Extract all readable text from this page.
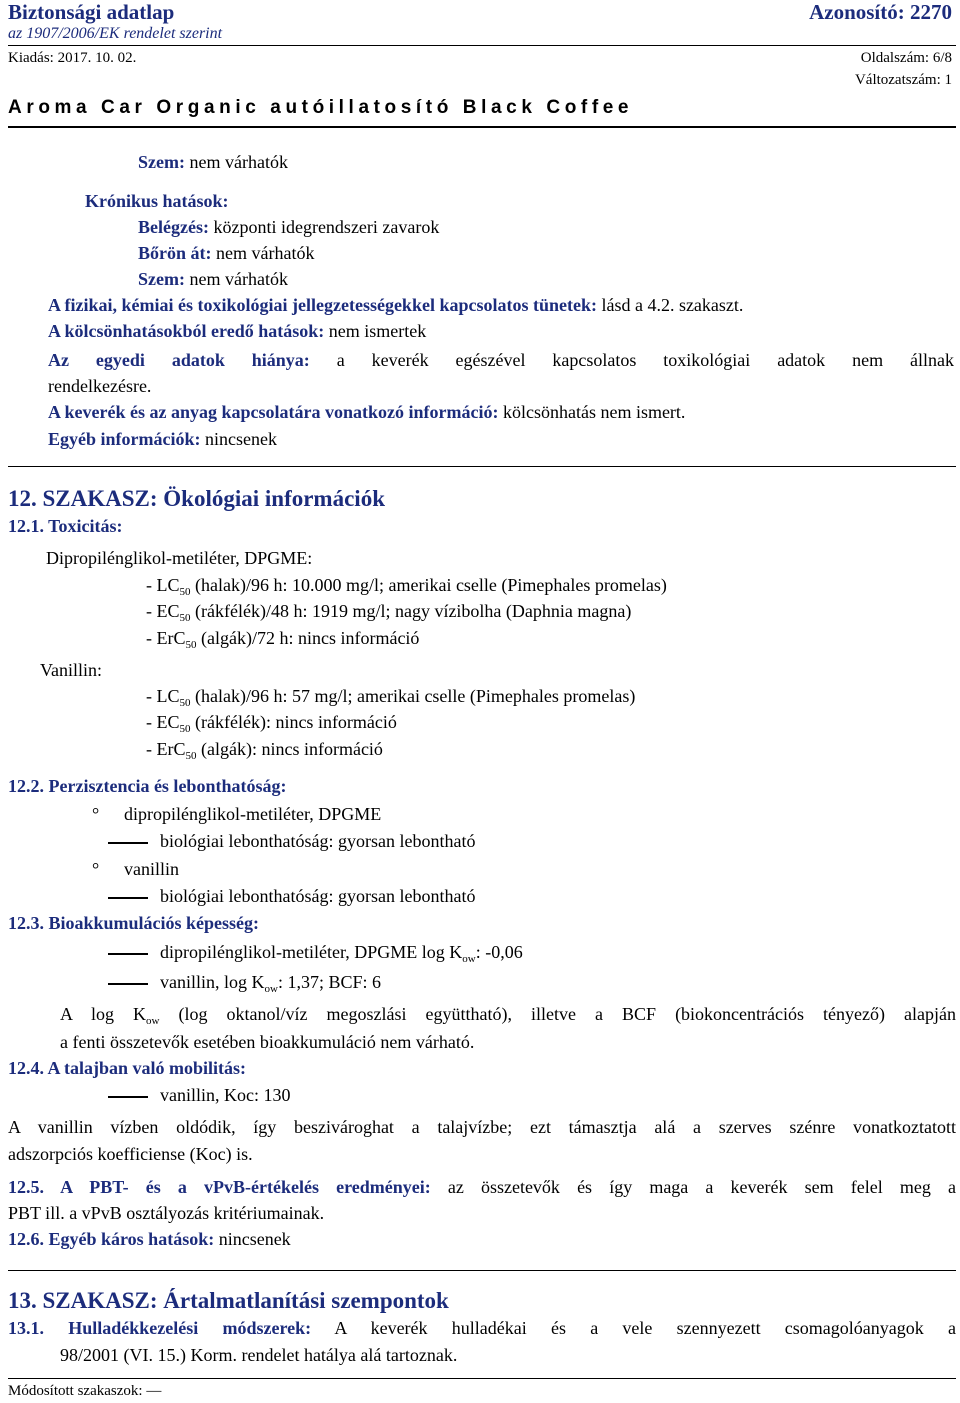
Biztonsági adatlap	Azonosító: 2270
az 1907/2006/EK rendelet szerint
Kiadás: 2017. 10. 02.	Oldalszám: 6/8
Változatszám: 1
Aroma Car Organic autóillatosító Black Coffee
Szem: nem várhatók
Krónikus hatások:
Belégzés: központi idegrendszeri zavarok
Bőrön át: nem várhatók
Szem: nem várhatók
A fizikai, kémiai és toxikológiai jellegzetességekkel kapcsolatos tünetek: lásd a 4.2. szakaszt.
A kölcsönhatásokból eredő hatások: nem ismertek
Az egyedi adatok hiánya: a keverék egészével kapcsolatos toxikológiai adatok nem állnak
rendelkezésre.
A keverék és az anyag kapcsolatára vonatkozó információ: kölcsönhatás nem ismert.
Egyéb információk: nincsenek
12. SZAKASZ: Ökológiai információk
12.1. Toxicitás:
Dipropilénglikol-metiléter, DPGME:
- $LC_{50}$ (halak)/96 h: 10.000 mg/l; amerikai cselle (Pimephales promelas)
- $EC_{50}$ (rákfélék)/48 h: 1919 mg/l; nagy vízibolha (Daphnia magna)
- ErC$_{50}$ (algák)/72 h: nincs információ
Vanillin:
- $LC_{50}$ (halak)/96 h: 57 mg/l; amerikai cselle (Pimephales promelas)
- $EC_{50}$ (rákfélék): nincs információ
- ErC$_{50}$ (algák): nincs információ
12.2. Perzisztencia és lebonthatóság:
° dipropilénglikol-metiléter, DPGME
biológiai lebonthatóság: gyorsan lebontható
° vanillin
biológiai lebonthatóság: gyorsan lebontható
12.3. Bioakkumulációs képesség:
dipropilénglikol-metiléter, DPGME $\log K_{ow}$: -0,06
vanillin, $\log K_{ow}$: 1,37; BCF: 6
A $\log K_{ow}$ (log oktanol/víz megoszlási együttható), illetve a BCF (biokoncentrációs tényező) alapján
a fenti összetevők esetében bioakkumuláció nem várható.
12.4. A talajban való mobilitás:
vanillin, Koc: 130
A vanillin vízben oldódik, így beszivároghat a talajvízbe; ezt támasztja alá a szerves szénre vonatkoztatott
adszorpciós koefficiense (Koc) is.
12.5. A PBT- és a vPvB-értékelés eredményei: az összetevők és így maga a keverék sem felel meg a
PBT ill. a vPvB osztályozás kritériumainak.
12.6. Egyéb káros hatások: nincsenek
13. SZAKASZ: Ártalmatlanítási szempontok
13.1. Hulladékkezelési módszerek: A keverék hulladékai és a vele szennyezett csomagolóanyagok a
98/2001 (VI. 15.) Korm. rendelet hatálya alá tartoznak.
Módosított szakaszok: —
